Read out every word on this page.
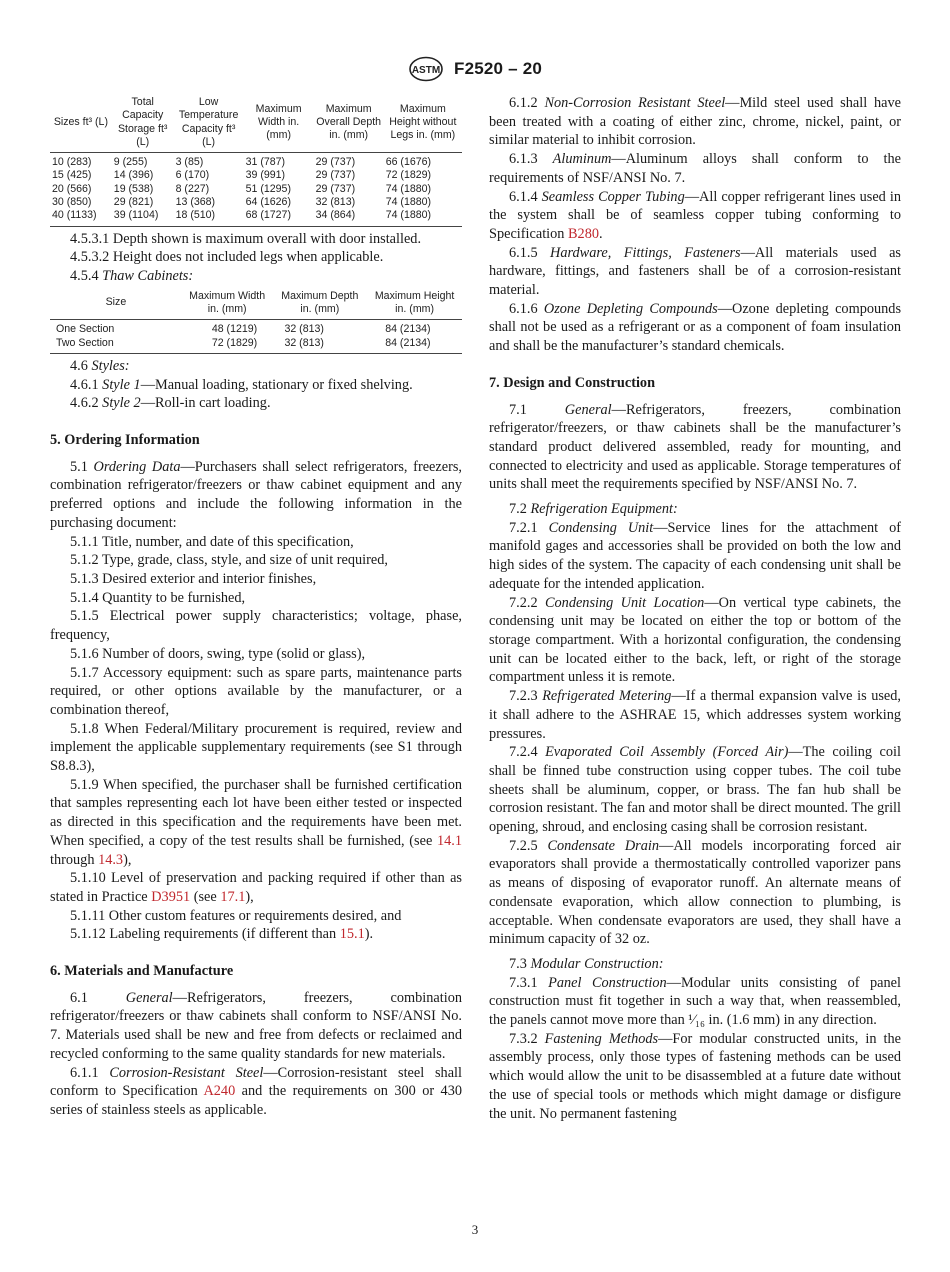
ASTM F2520 – 20
Sizes ft³ (L)	Total Capacity Storage ft³ (L)	Low Temperature Capacity ft³ (L)	Maximum Width in. (mm)	Maximum Overall Depth in. (mm)	Maximum Height without Legs in. (mm)
10 (283)	9 (255)	3 (85)	31 (787)	29 (737)	66 (1676)
15 (425)	14 (396)	6 (170)	39 (991)	29 (737)	72 (1829)
20 (566)	19 (538)	8 (227)	51 (1295)	29 (737)	74 (1880)
30 (850)	29 (821)	13 (368)	64 (1626)	32 (813)	74 (1880)
40 (1133)	39 (1104)	18 (510)	68 (1727)	34 (864)	74 (1880)

4.5.3.1 Depth shown is maximum overall with door installed.

4.5.3.2 Height does not included legs when applicable.

4.5.4 Thaw Cabinets:

Size	Maximum Width in. (mm)	Maximum Depth in. (mm)	Maximum Height in. (mm)
One Section	48 (1219)	32 (813)	84 (2134)
Two Section	72 (1829)	32 (813)	84 (2134)

4.6 Styles:

4.6.1 Style 1—Manual loading, stationary or fixed shelving.

4.6.2 Style 2—Roll-in cart loading.

5. Ordering Information

5.1 Ordering Data—Purchasers shall select refrigerators, freezers, combination refrigerator/freezers or thaw cabinet equipment and any preferred options and include the following information in the purchasing document:

5.1.1 Title, number, and date of this specification,

5.1.2 Type, grade, class, style, and size of unit required,

5.1.3 Desired exterior and interior finishes,

5.1.4 Quantity to be furnished,

5.1.5 Electrical power supply characteristics; voltage, phase, frequency,

5.1.6 Number of doors, swing, type (solid or glass),

5.1.7 Accessory equipment: such as spare parts, maintenance parts required, or other options available by the manufacturer, or a combination thereof,

5.1.8 When Federal/Military procurement is required, review and implement the applicable supplementary requirements (see S1 through S8.8.3),

5.1.9 When specified, the purchaser shall be furnished certification that samples representing each lot have been either tested or inspected as directed in this specification and the requirements have been met. When specified, a copy of the test results shall be furnished, (see 14.1 through 14.3),

5.1.10 Level of preservation and packing required if other than as stated in Practice D3951 (see 17.1),

5.1.11 Other custom features or requirements desired, and

5.1.12 Labeling requirements (if different than 15.1).

6. Materials and Manufacture

6.1	General—Refrigerators, freezers, combination refrigerator/freezers or thaw cabinets shall conform to NSF/ANSI No. 7. Materials used shall be new and free from defects or reclaimed and recycled conforming to the same quality standards for new materials.

6.1.1 Corrosion-Resistant Steel—Corrosion-resistant steel shall conform to Specification A240 and the requirements on 300 or 430 series of stainless steels as applicable.

6.1.2 Non-Corrosion Resistant Steel—Mild steel used shall have been treated with a coating of either zinc, chrome, nickel, paint, or similar material to inhibit corrosion.

6.1.3 Aluminum—Aluminum alloys shall conform to the requirements of NSF/ANSI No. 7.

6.1.4 Seamless Copper Tubing—All copper refrigerant lines used in the system shall be of seamless copper tubing conforming to Specification B280.

6.1.5 Hardware, Fittings, Fasteners—All materials used as hardware, fittings, and fasteners shall be of a corrosion-resistant material.

6.1.6 Ozone Depleting Compounds—Ozone depleting compounds shall not be used as a refrigerant or as a component of foam insulation and shall be the manufacturer’s standard chemicals.

7. Design and Construction

7.1	General—Refrigerators, freezers, combination refrigerator/freezers, or thaw cabinets shall be the manufacturer’s standard product delivered assembled, ready for mounting, and connected to electricity and used as applicable. Storage temperatures of units shall meet the requirements specified by NSF/ANSI No. 7.

7.2 Refrigeration Equipment:

7.2.1 Condensing Unit—Service lines for the attachment of manifold gages and accessories shall be provided on both the low and high sides of the system. The capacity of each condensing unit shall be adequate for the intended application.

7.2.2 Condensing Unit Location—On vertical type cabinets, the condensing unit may be located on either the top or bottom of the storage compartment. With a horizontal configuration, the condensing unit can be located either to the back, left, or right of the storage compartment unless it is remote.

7.2.3 Refrigerated Metering—If a thermal expansion valve is used, it shall adhere to the ASHRAE 15, which addresses system working pressures.

7.2.4 Evaporated Coil Assembly (Forced Air)—The coiling coil shall be finned tube construction using copper tubes. The coil tube sheets shall be aluminum, copper, or brass. The fan hub shall be corrosion resistant. The fan and motor shall be direct mounted. The grill opening, shroud, and enclosing casing shall be corrosion resistant.

7.2.5 Condensate Drain—All models incorporating forced air evaporators shall provide a thermostatically controlled vaporizer pans as means of disposing of evaporator runoff. An alternate means of condensate evaporation, which allow connection to plumbing, is acceptable. When condensate evaporators are used, they shall have a minimum capacity of 32 oz.

7.3 Modular Construction:

7.3.1 Panel Construction—Modular units consisting of panel construction must fit together in such a way that, when reassembled, the panels cannot move more than ¹⁄₁₆ in. (1.6 mm) in any direction.

7.3.2 Fastening Methods—For modular constructed units, in the assembly process, only those types of fastening methods can be used which would allow the unit to be disassembled at a future date without the use of special tools or methods which might damage or disfigure the unit. No permanent fastening

3
